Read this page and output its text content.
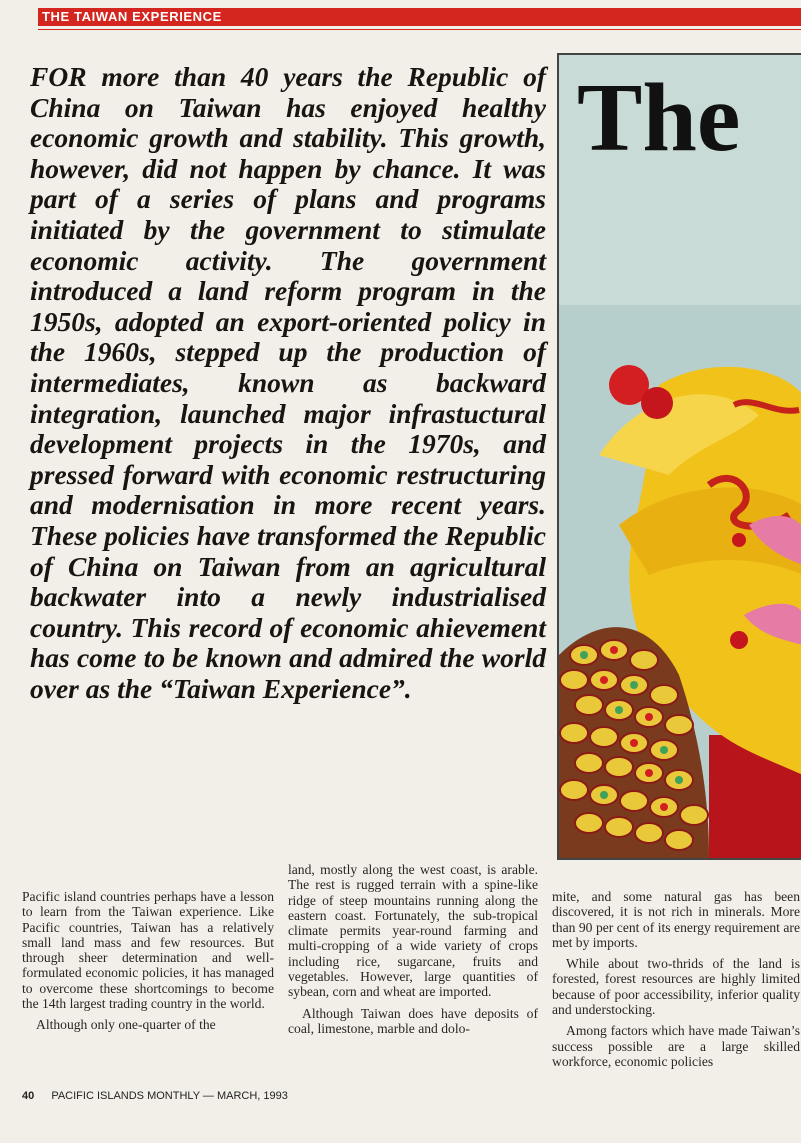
THE TAIWAN EXPERIENCE

FOR more than 40 years the Republic of China on Taiwan has enjoyed healthy economic growth and stability. This growth, however, did not happen by chance. It was part of a series of plans and programs initiated by the government to stimulate economic activity. The government introduced a land reform program in the 1950s, adopted an export-oriented policy in the 1960s, stepped up the production of intermediates, known as backward integration, launched major infrastuctural development projects in the 1970s, and pressed forward with economic restructuring and modernisation in more recent years. These policies have transformed the Republic of China on Taiwan from an agricultural backwater into a newly industrialised country. This record of economic ahievement has come to be known and admired the world over as the “Taiwan Experience”.

The

Pacific island countries perhaps have a lesson to learn from the Taiwan experience. Like Pacific countries, Taiwan has a relatively small land mass and few resources. But through sheer determination and well-formulated economic policies, it has managed to overcome these shortcomings to become the 14th largest trading country in the world.

Although only one-quarter of the

land, mostly along the west coast, is arable. The rest is rugged terrain with a spine-like ridge of steep mountains running along the eastern coast. Fortunately, the sub-tropical climate permits year-round farming and multi-cropping of a wide variety of crops including rice, sugarcane, fruits and vegetables. However, large quantities of sybean, corn and wheat are imported.

Although Taiwan does have deposits of coal, limestone, marble and dolo-

mite, and some natural gas has been discovered, it is not rich in minerals. More than 90 per cent of its energy requirement are met by imports.

While about two-thrids of the land is forested, forest resources are highly limited because of poor accessibility, inferior quality and understocking.

Among factors which have made Taiwan’s success possible are a large skilled workforce, economic policies

40 PACIFIC ISLANDS MONTHLY — MARCH, 1993
